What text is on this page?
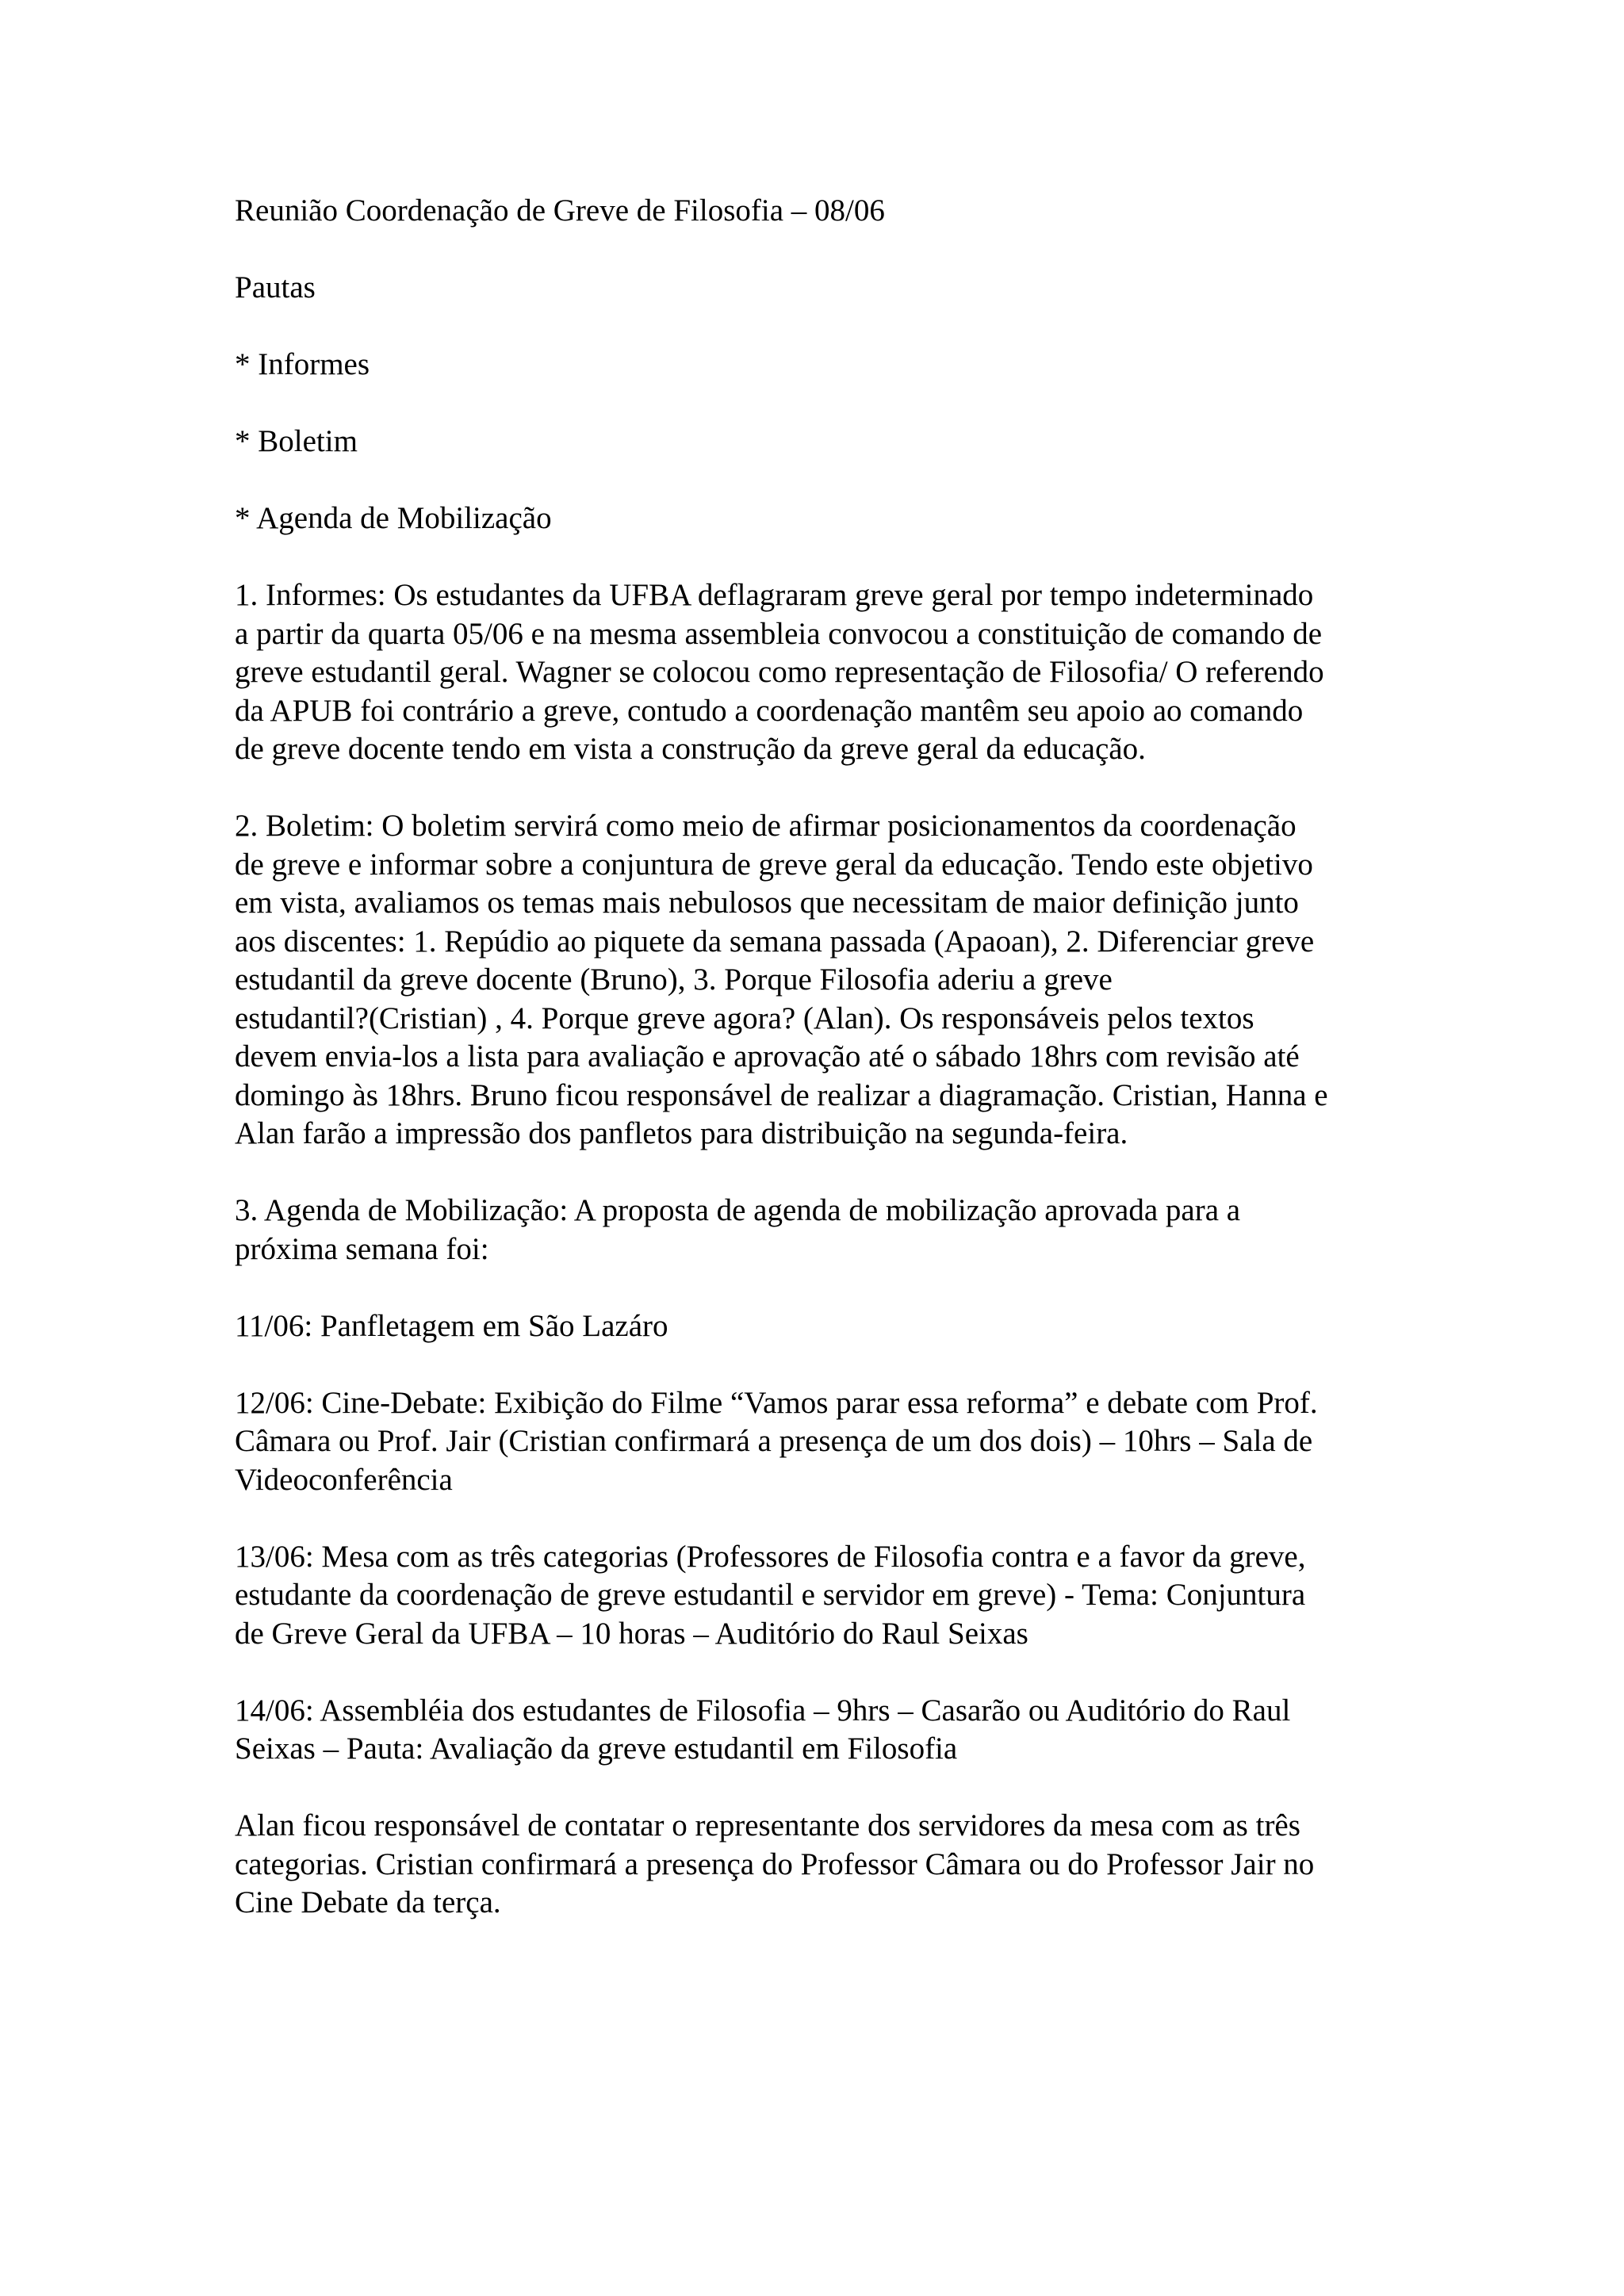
Reunião Coordenação de Greve de Filosofia – 08/06
Pautas
* Informes
* Boletim
* Agenda de Mobilização
1. Informes: Os estudantes da UFBA deflagraram greve geral por tempo indeterminado
a partir da quarta 05/06 e na mesma assembleia convocou a constituição de comando de
greve estudantil geral. Wagner se colocou como representação de Filosofia/ O referendo
da APUB foi contrário a greve, contudo a coordenação mantêm seu apoio ao comando
de greve docente tendo em vista a construção da greve geral da educação.
2. Boletim: O boletim servirá como meio de afirmar posicionamentos da coordenação
de greve e informar sobre a conjuntura de greve geral da educação. Tendo este objetivo
em vista, avaliamos os temas mais nebulosos que necessitam de maior definição junto
aos discentes: 1. Repúdio ao piquete da semana passada (Apaoan), 2. Diferenciar greve
estudantil da greve docente (Bruno), 3. Porque Filosofia aderiu a greve
estudantil?(Cristian) , 4. Porque greve agora? (Alan). Os responsáveis pelos textos
devem envia-los a lista para avaliação e aprovação até o sábado 18hrs com revisão até
domingo às 18hrs. Bruno ficou responsável de realizar a diagramação. Cristian, Hanna e
Alan farão a impressão dos panfletos para distribuição na segunda-feira.
3. Agenda de Mobilização: A proposta de agenda de mobilização aprovada para a
próxima semana foi:
11/06: Panfletagem em São Lazáro
12/06: Cine-Debate: Exibição do Filme “Vamos parar essa reforma” e debate com Prof.
Câmara ou Prof. Jair (Cristian confirmará a presença de um dos dois) – 10hrs – Sala de
Videoconferência
13/06: Mesa com as três categorias (Professores de Filosofia contra e a favor da greve,
estudante da coordenação de greve estudantil e servidor em greve) - Tema: Conjuntura
de Greve Geral da UFBA – 10 horas – Auditório do Raul Seixas
14/06: Assembléia dos estudantes de Filosofia – 9hrs – Casarão ou Auditório do Raul
Seixas – Pauta: Avaliação da greve estudantil em Filosofia
Alan ficou responsável de contatar o representante dos servidores da mesa com as três
categorias. Cristian confirmará a presença do Professor Câmara ou do Professor Jair no
Cine Debate da terça.
